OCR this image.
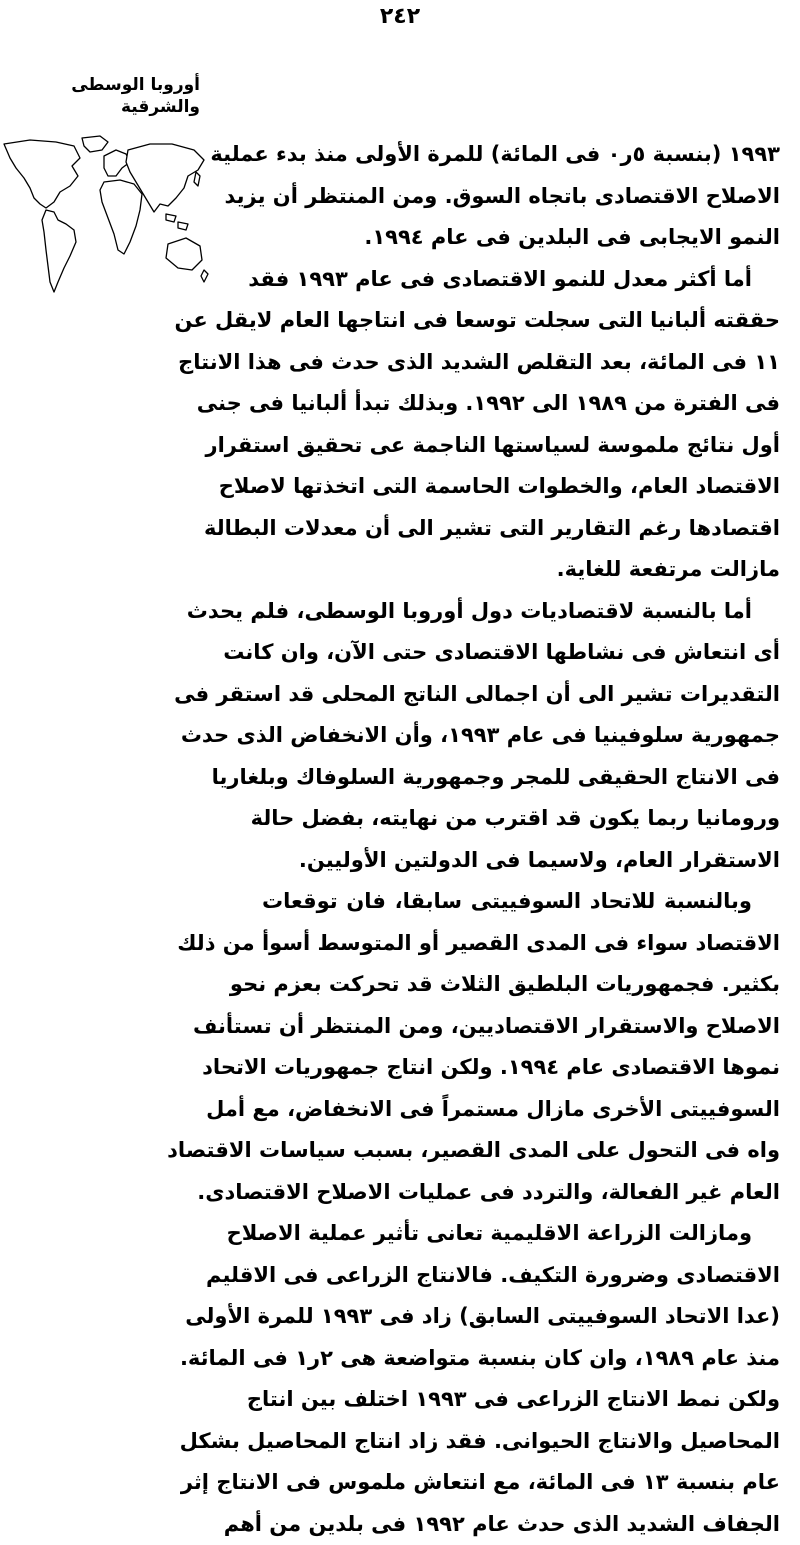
٢٤٢
أوروبا الوسطى والشرقية
١٩٩٣ (بنسبة ٥ر٠ فى المائة) للمرة الأولى منذ بدء عملية
الاصلاح الاقتصادى باتجاه السوق. ومن المنتظر أن يزيد
النمو الايجابى فى البلدين فى عام ١٩٩٤.
أما أكثر معدل للنمو الاقتصادى فى عام ١٩٩٣ فقد
حققته ألبانيا التى سجلت توسعا فى انتاجها العام لايقل عن
١١ فى المائة، بعد التقلص الشديد الذى حدث فى هذا الانتاج
فى الفترة من ١٩٨٩ الى ١٩٩٢. وبذلك تبدأ ألبانيا فى جنى
أول نتائج ملموسة لسياستها الناجمة عى تحقيق استقرار
الاقتصاد العام، والخطوات الحاسمة التى اتخذتها لاصلاح
اقتصادها رغم التقارير التى تشير الى أن معدلات البطالة
مازالت مرتفعة للغاية.
أما بالنسبة لاقتصاديات دول أوروبا الوسطى، فلم يحدث
أى انتعاش فى نشاطها الاقتصادى حتى الآن، وان كانت
التقديرات تشير الى أن اجمالى الناتج المحلى قد استقر فى
جمهورية سلوفينيا فى عام ١٩٩٣، وأن الانخفاض الذى حدث
فى الانتاج الحقيقى للمجر وجمهورية السلوفاك وبلغاريا
ورومانيا ربما يكون قد اقترب من نهايته، بفضل حالة
الاستقرار العام، ولاسيما فى الدولتين الأوليين.
وبالنسبة للاتحاد السوفييتى سابقا، فان توقعات
الاقتصاد سواء فى المدى القصير أو المتوسط أسوأ من ذلك
بكثير. فجمهوريات البلطيق الثلاث قد تحركت بعزم نحو
الاصلاح والاستقرار الاقتصاديين، ومن المنتظر أن تستأنف
نموها الاقتصادى عام ١٩٩٤. ولكن انتاج جمهوريات الاتحاد
السوفييتى الأخرى مازال مستمراً فى الانخفاض، مع أمل
واه فى التحول على المدى القصير، بسبب سياسات الاقتصاد
العام غير الفعالة، والتردد فى عمليات الاصلاح الاقتصادى.
ومازالت الزراعة الاقليمية تعانى تأثير عملية الاصلاح
الاقتصادى وضرورة التكيف. فالانتاج الزراعى فى الاقليم
(عدا الاتحاد السوفييتى السابق) زاد فى ١٩٩٣ للمرة الأولى
منذ عام ١٩٨٩، وان كان بنسبة متواضعة هى ٢ر١ فى المائة.
ولكن نمط الانتاج الزراعى فى ١٩٩٣ اختلف بين انتاج
المحاصيل والانتاج الحيوانى. فقد زاد انتاج المحاصيل بشكل
عام بنسبة ١٣ فى المائة، مع انتعاش ملموس فى الانتاج إثر
الجفاف الشديد الذى حدث عام ١٩٩٢ فى بلدين من أهم
